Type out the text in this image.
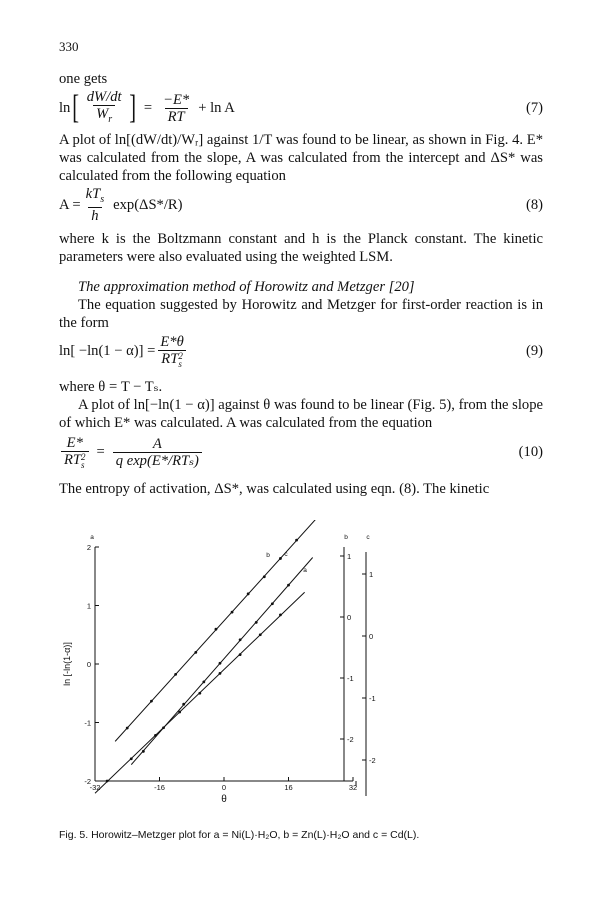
330
one gets
ln [ $\frac{dW/dt}{W_r}$ ] = $\frac{-E*}{RT} + \ln A$	(7)
A plot of ln[(dW/dt)/Wᵣ] against 1/T was found to be linear, as shown in Fig. 4. E* was calculated from the slope, A was calculated from the intercept and ΔS* was calculated from the following equation
$A = \frac{kT_s}{h} \exp(\Delta S*/R)$	(8)
where k is the Boltzmann constant and h is the Planck constant. The kinetic parameters were also evaluated using the weighted LSM.
The approximation method of Horowitz and Metzger [20]
The equation suggested by Horowitz and Metzger for first-order reaction is in the form
ln[ −ln(1 − α)] = E*θ
RT 2
s	(9)
where θ = T − Tₛ.
A plot of ln[−ln(1 − α)] against θ was found to be linear (Fig. 5), from the slope of which E* was calculated. A was calculated from the equation
E*
RT 2
$s = \frac{A}{\text{q exp(E*/RTₛ)}}$	(10)
The entropy of activation, ΔS*, was calculated using eqn. (8). The kinetic
-32	-16	0	16	32
2
1
0
-1
-2
1
0
-1
-2
1
0
-1
-2
a	b	c
ln [-ln(1-α)]
θ
b c
a
Fig. 5. Horowitz–Metzger plot for a = Ni(L)·H₂O, b = Zn(L)·H₂O and c = Cd(L).
